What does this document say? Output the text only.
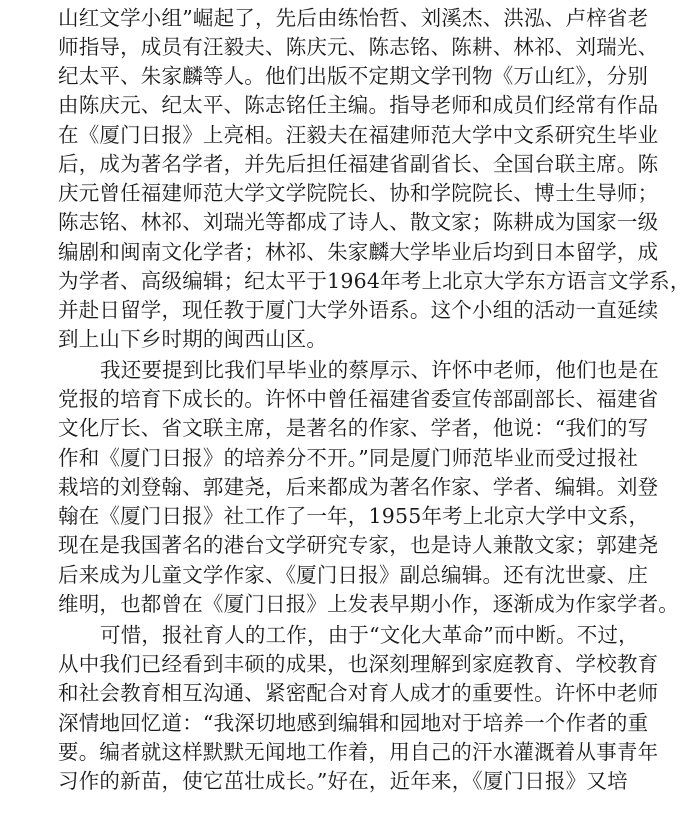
山红文学小组”崛起了，先后由练怡哲、刘溪杰、洪泓、卢梓省老
师指导，成员有汪毅夫、陈庆元、陈志铭、陈耕、林祁、刘瑞光、
纪太平、朱家麟等人。他们出版不定期文学刊物《万山红》，分别
由陈庆元、纪太平、陈志铭任主编。指导老师和成员们经常有作品
在《厦门日报》上亮相。汪毅夫在福建师范大学中文系研究生毕业
后，成为著名学者，并先后担任福建省副省长、全国台联主席。陈
庆元曾任福建师范大学文学院院长、协和学院院长、博士生导师；
陈志铭、林祁、刘瑞光等都成了诗人、散文家；陈耕成为国家一级
编剧和闽南文化学者；林祁、朱家麟大学毕业后均到日本留学，成
为学者、高级编辑；纪太平于1964年考上北京大学东方语言文学系，
并赴日留学，现任教于厦门大学外语系。这个小组的活动一直延续
到上山下乡时期的闽西山区。
我还要提到比我们早毕业的蔡厚示、许怀中老师，他们也是在
党报的培育下成长的。许怀中曾任福建省委宣传部副部长、福建省
文化厅长、省文联主席，是著名的作家、学者，他说：“我们的写
作和《厦门日报》的培养分不开。”同是厦门师范毕业而受过报社
栽培的刘登翰、郭建尧，后来都成为著名作家、学者、编辑。刘登
翰在《厦门日报》社工作了一年，1955年考上北京大学中文系，
现在是我国著名的港台文学研究专家，也是诗人兼散文家；郭建尧
后来成为儿童文学作家、《厦门日报》副总编辑。还有沈世豪、庄
维明，也都曾在《厦门日报》上发表早期小作，逐渐成为作家学者。
可惜，报社育人的工作，由于“文化大革命”而中断。不过，
从中我们已经看到丰硕的成果，也深刻理解到家庭教育、学校教育
和社会教育相互沟通、紧密配合对育人成才的重要性。许怀中老师
深情地回忆道：“我深切地感到编辑和园地对于培养一个作者的重
要。编者就这样默默无闻地工作着，用自己的汗水灌溉着从事青年
习作的新苗，使它茁壮成长。”好在，近年来，《厦门日报》又培
